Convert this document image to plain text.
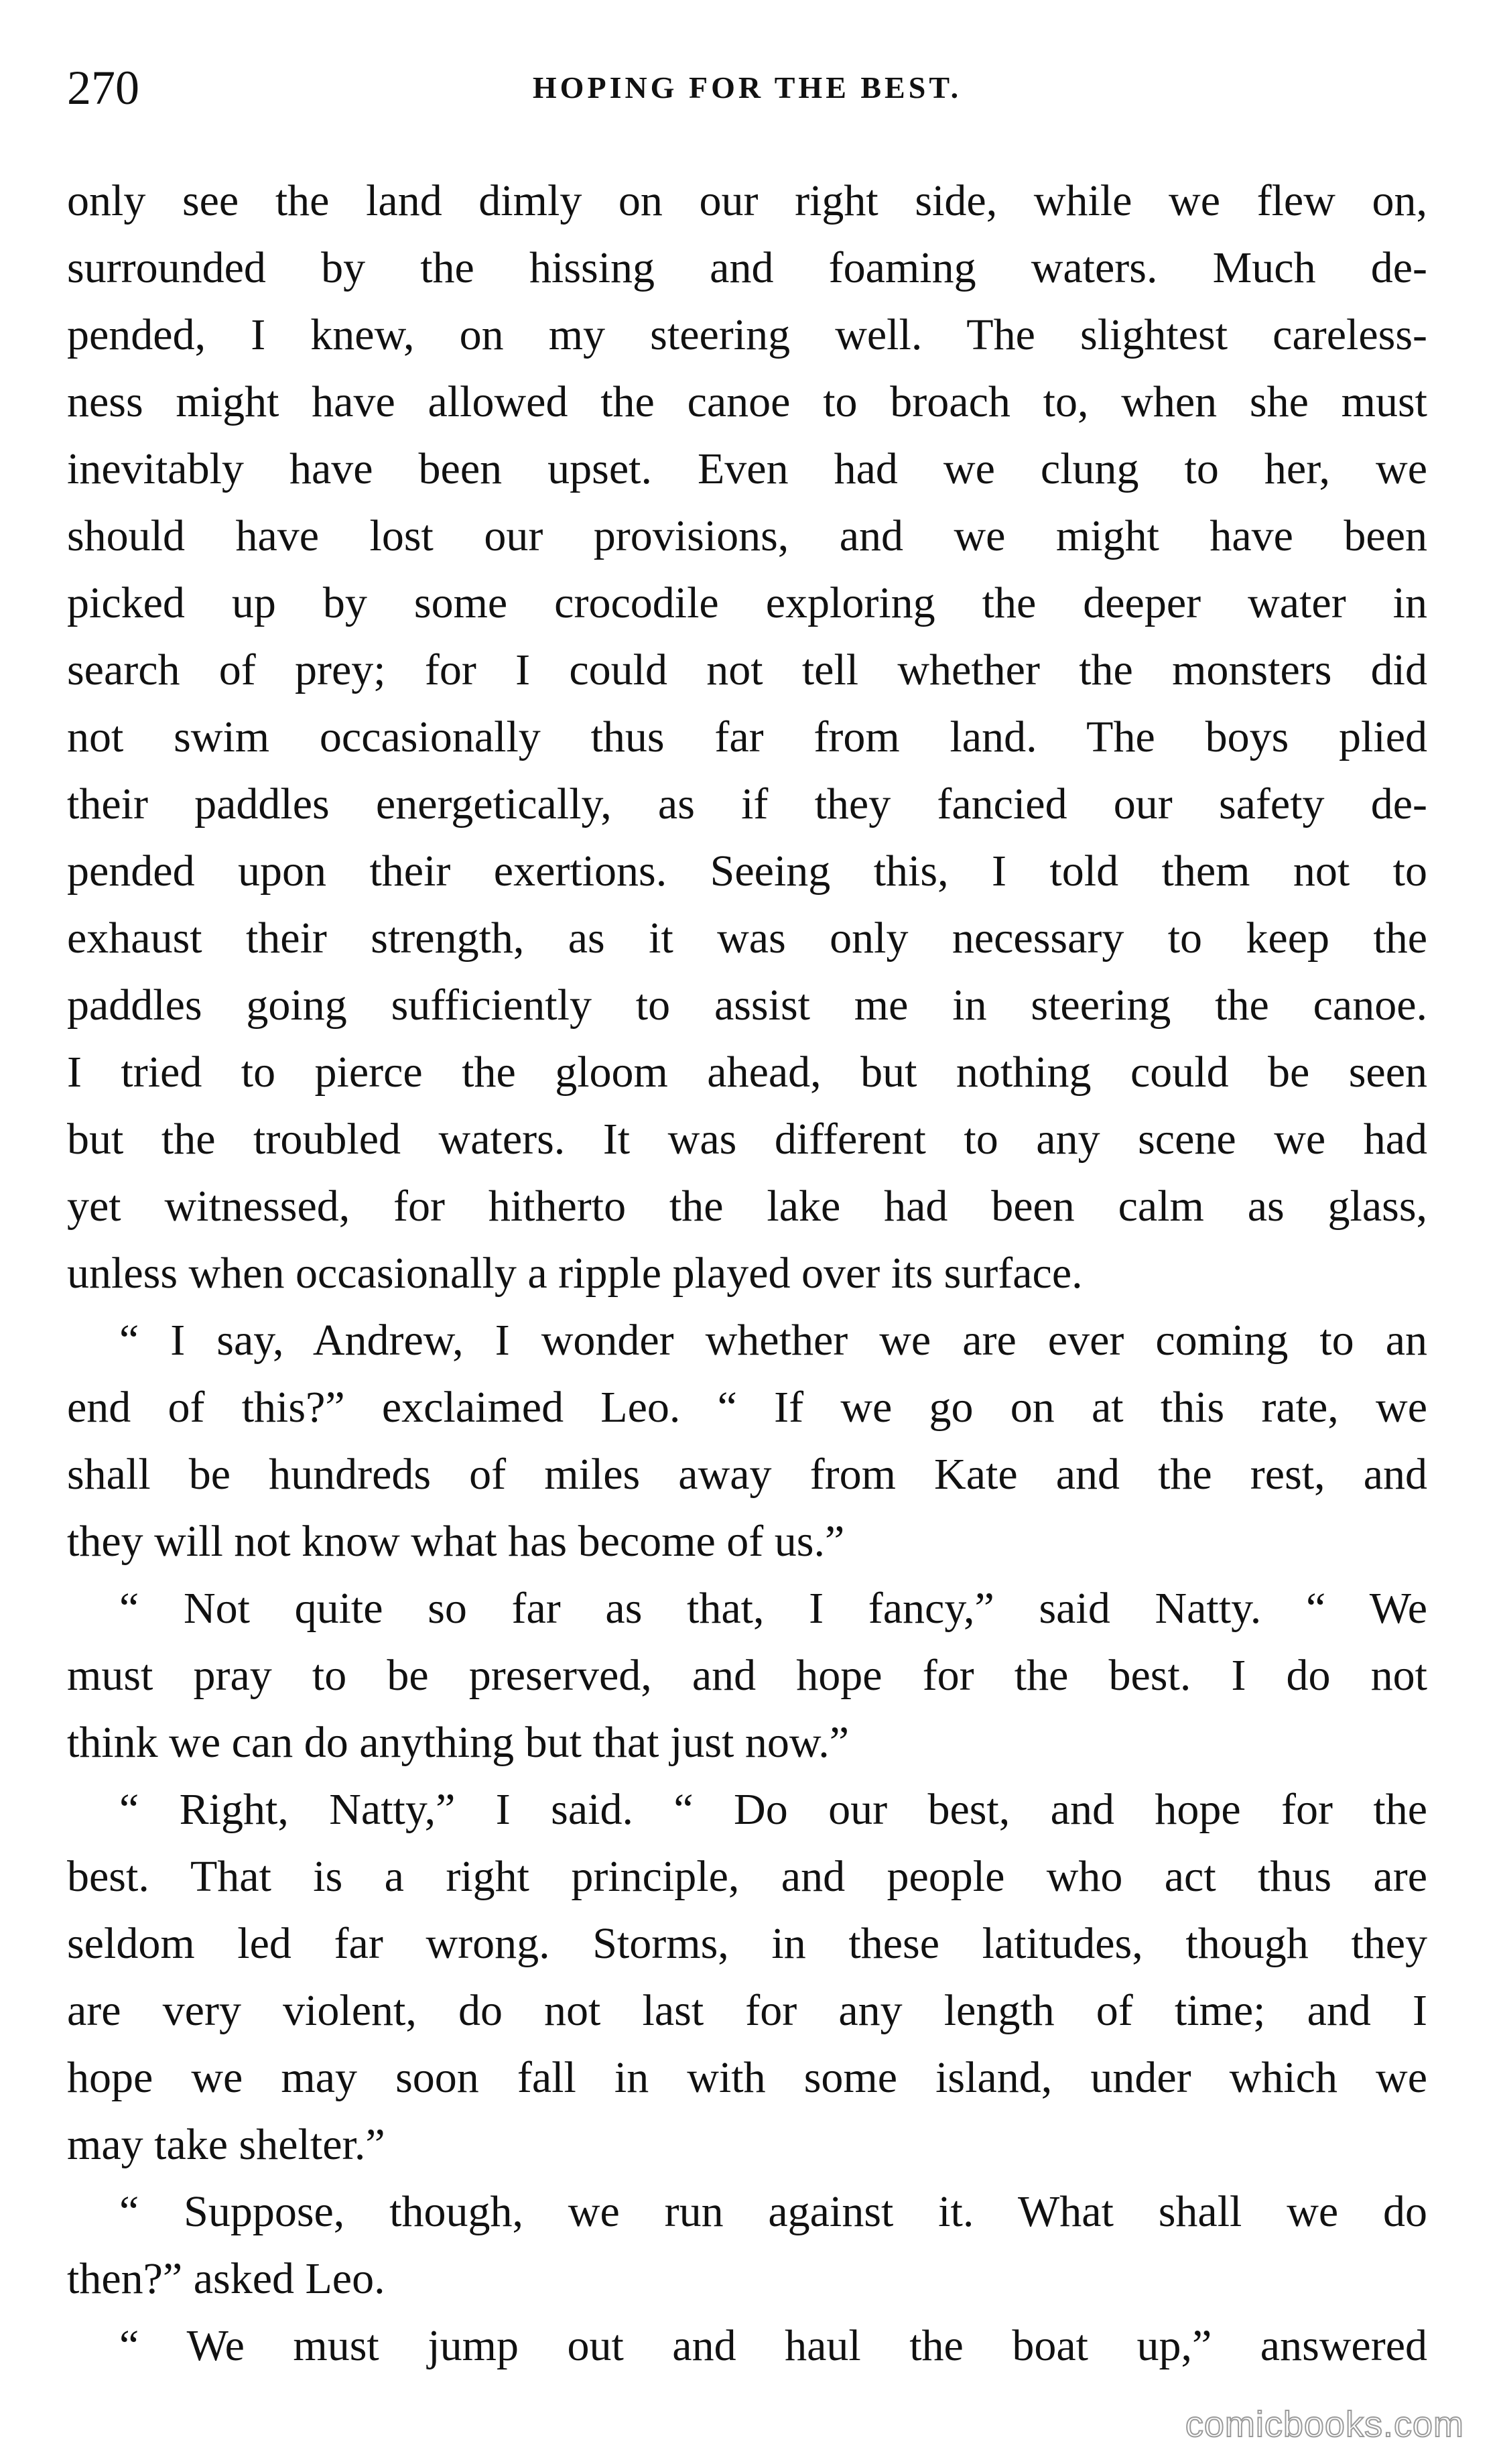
270	HOPING FOR THE BEST.
only see the land dimly on our right side, while we flew on,
surrounded by the hissing and foaming waters. Much de-
pended, I knew, on my steering well. The slightest careless-
ness might have allowed the canoe to broach to, when she must
inevitably have been upset. Even had we clung to her, we
should have lost our provisions, and we might have been
picked up by some crocodile exploring the deeper water in
search of prey; for I could not tell whether the monsters did
not swim occasionally thus far from land. The boys plied
their paddles energetically, as if they fancied our safety de-
pended upon their exertions. Seeing this, I told them not to
exhaust their strength, as it was only necessary to keep the
paddles going sufficiently to assist me in steering the canoe.
I tried to pierce the gloom ahead, but nothing could be seen
but the troubled waters. It was different to any scene we had
yet witnessed, for hitherto the lake had been calm as glass,
unless when occasionally a ripple played over its surface.
“ I say, Andrew, I wonder whether we are ever coming to an
end of this?” exclaimed Leo. “ If we go on at this rate, we
shall be hundreds of miles away from Kate and the rest, and
they will not know what has become of us.”
“ Not quite so far as that, I fancy,” said Natty. “ We
must pray to be preserved, and hope for the best. I do not
think we can do anything but that just now.”
“ Right, Natty,” I said. “ Do our best, and hope for the
best. That is a right principle, and people who act thus are
seldom led far wrong. Storms, in these latitudes, though they
are very violent, do not last for any length of time; and I
hope we may soon fall in with some island, under which we
may take shelter.”
“ Suppose, though, we run against it. What shall we do
then?” asked Leo.
“ We must jump out and haul the boat up,” answered
comicbooks.com
